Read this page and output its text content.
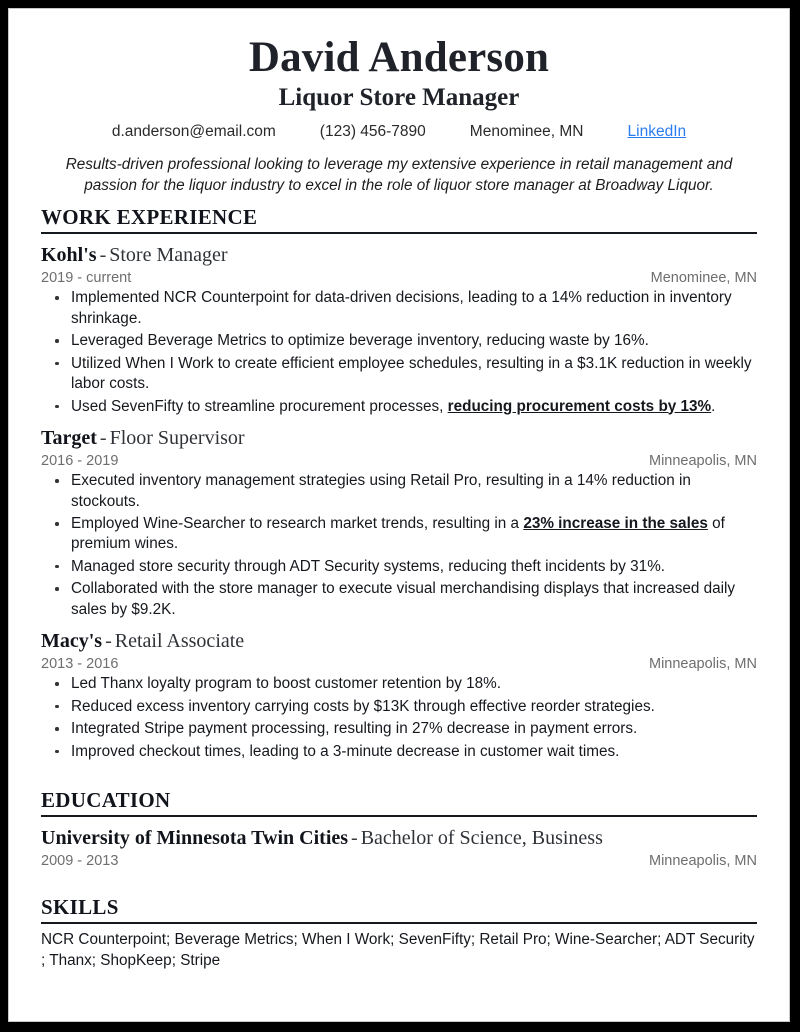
David Anderson
Liquor Store Manager
d.anderson@email.com	(123) 456-7890	Menominee, MN	LinkedIn
Results-driven professional looking to leverage my extensive experience in retail management and passion for the liquor industry to excel in the role of liquor store manager at Broadway Liquor.
WORK EXPERIENCE
Kohl's - Store Manager
2019 - current	Menominee, MN
Implemented NCR Counterpoint for data-driven decisions, leading to a 14% reduction in inventory shrinkage.
Leveraged Beverage Metrics to optimize beverage inventory, reducing waste by 16%.
Utilized When I Work to create efficient employee schedules, resulting in a $3.1K reduction in weekly labor costs.
Used SevenFifty to streamline procurement processes, reducing procurement costs by 13%.
Target - Floor Supervisor
2016 - 2019	Minneapolis, MN
Executed inventory management strategies using Retail Pro, resulting in a 14% reduction in stockouts.
Employed Wine-Searcher to research market trends, resulting in a 23% increase in the sales of premium wines.
Managed store security through ADT Security systems, reducing theft incidents by 31%.
Collaborated with the store manager to execute visual merchandising displays that increased daily sales by $9.2K.
Macy's - Retail Associate
2013 - 2016	Minneapolis, MN
Led Thanx loyalty program to boost customer retention by 18%.
Reduced excess inventory carrying costs by $13K through effective reorder strategies.
Integrated Stripe payment processing, resulting in 27% decrease in payment errors.
Improved checkout times, leading to a 3-minute decrease in customer wait times.
EDUCATION
University of Minnesota Twin Cities - Bachelor of Science, Business
2009 - 2013	Minneapolis, MN
SKILLS
NCR Counterpoint; Beverage Metrics; When I Work; SevenFifty; Retail Pro; Wine-Searcher; ADT Security ; Thanx; ShopKeep; Stripe
